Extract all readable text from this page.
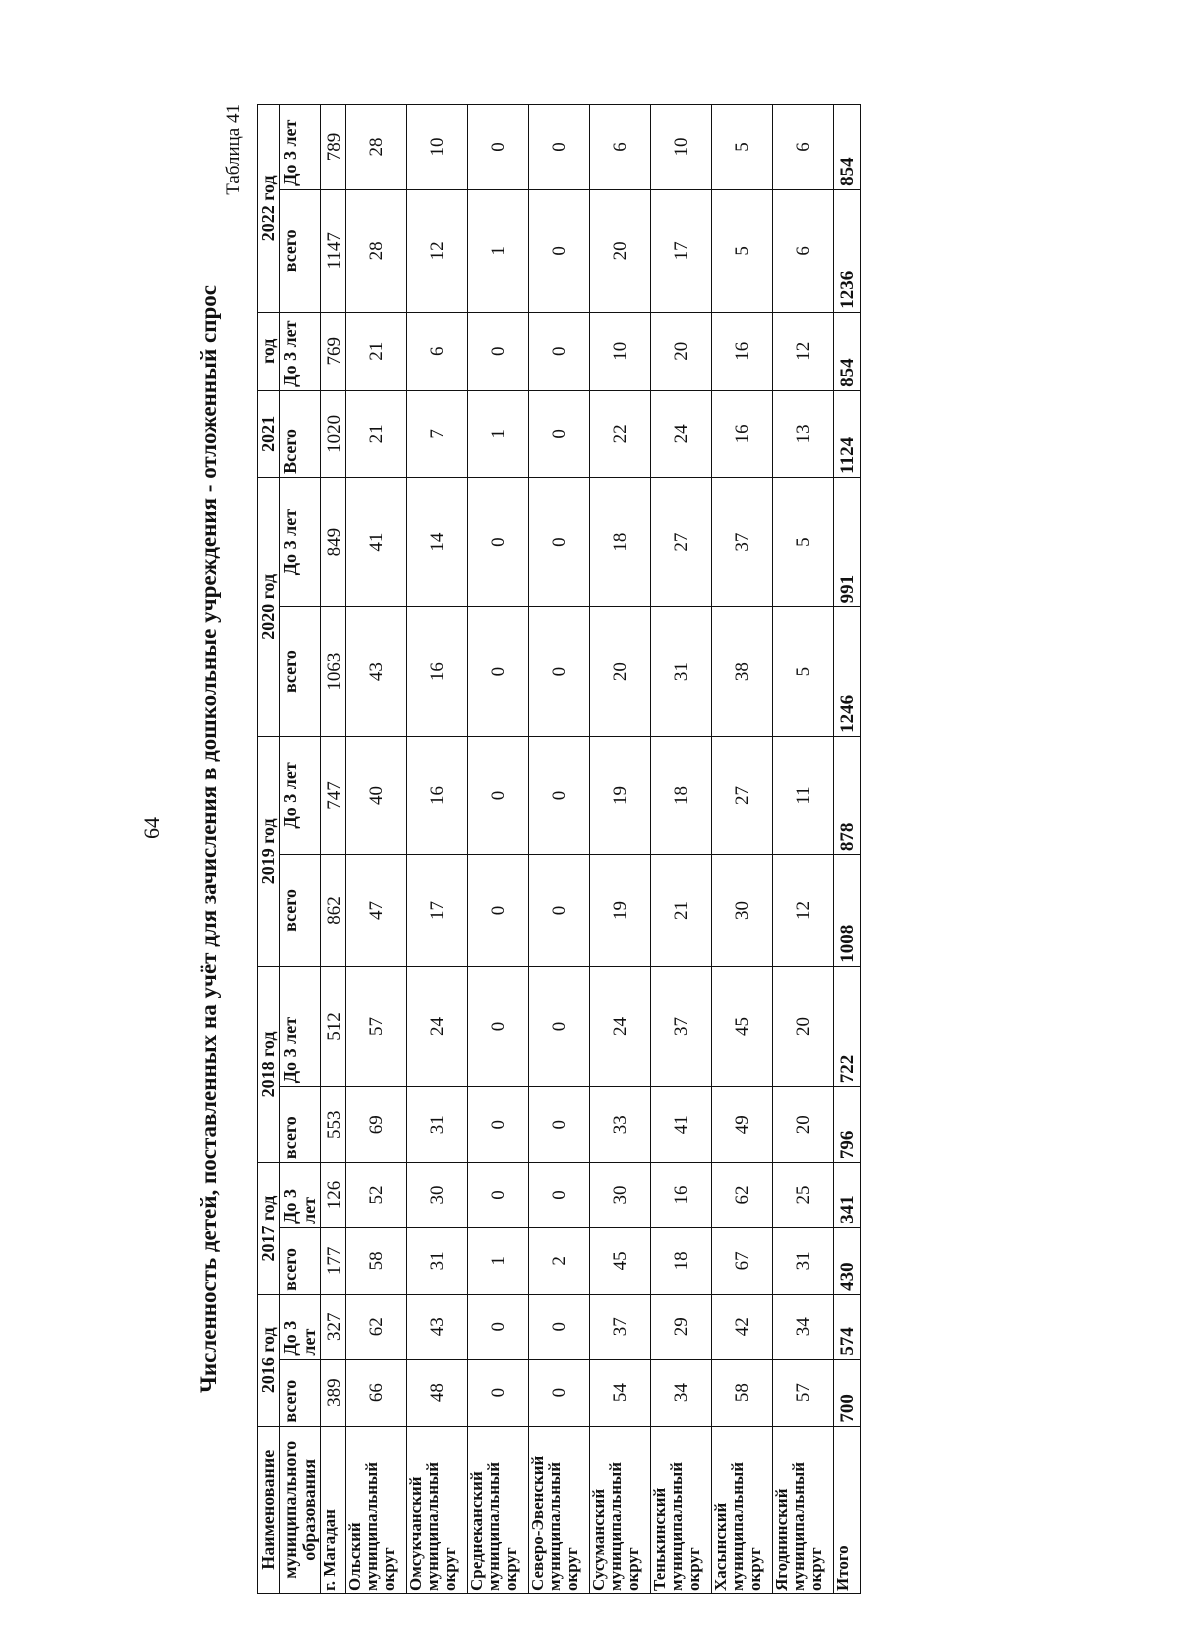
64 Численность детей, поставленных на учёт для зачисления в дошкольные учреждения - отложенный спрос
Таблица 41
Наименование	2016 год		2017 год		2018 год		2019 год		2020 год		2021	год	2022 год	
муниципального образования	всего	До 3 лет	всего	До 3 лет	всего	До 3 лет	всего	До 3 лет	всего	До 3 лет	Всего	До 3 лет	всего	До 3 лет
г. Магадан	389	327	177	126	553	512	862	747	1063	849	1020	769	1147	789
Ольский муниципальный округ	66	62	58	52	69	57	47	40	43	41	21	21	28	28
Омсукчанский муниципальный округ	48	43	31	30	31	24	17	16	16	14	7	6	12	10
Среднеканский муниципальный округ	0	0	1	0	0	0	0	0	0	0	1	0	1	0
Северо-Эвенский муниципальный округ	0	0	2	0	0	0	0	0	0	0	0	0	0	0
Сусуманский муниципальный округ	54	37	45	30	33	24	19	19	20	18	22	10	20	6
Тенькинский муниципальный округ	34	29	18	16	41	37	21	18	31	27	24	20	17	10
Хасынский муниципальный округ	58	42	67	62	49	45	30	27	38	37	16	16	5	5
Ягоднинский муниципальный округ	57	34	31	25	20	20	12	11	5	5	13	12	6	6
Итого	700	574	430	341	796	722	1008	878	1246	991	1124	854	1236	854
